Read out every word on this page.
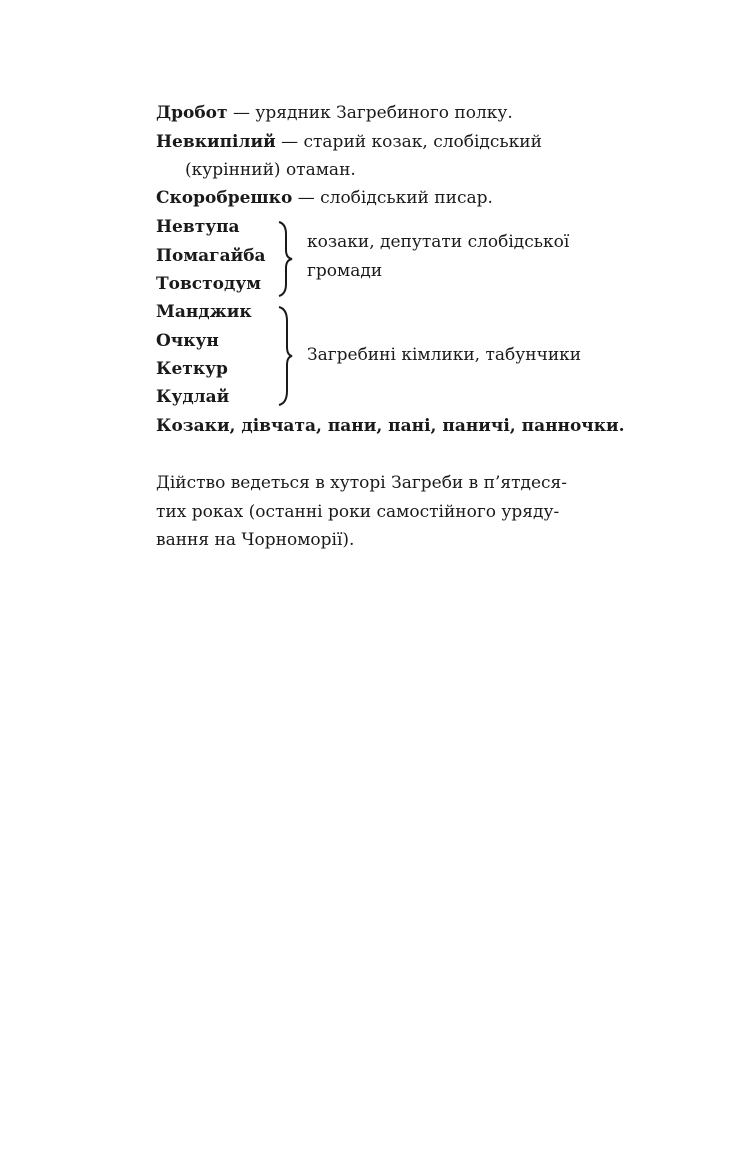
Дробот — урядник Загребиного полку.
Невкипілий — старий козак, слобідський
(курінний) отаман.
Скоробрешко — слобідський писар.
Невтупа
Помагайба
Товстодум
козаки, депутати слобідської
громади
Манджик
Очкун
Кеткур
Кудлай
Загребині кімлики, табунчики
Козаки, дівчата, пани, пані, паничі, панночки.
Дійство ведеться в хуторі Загреби в п’ятдеся-
тих роках (останні роки самостійного уряду-
вання на Чорноморії).
